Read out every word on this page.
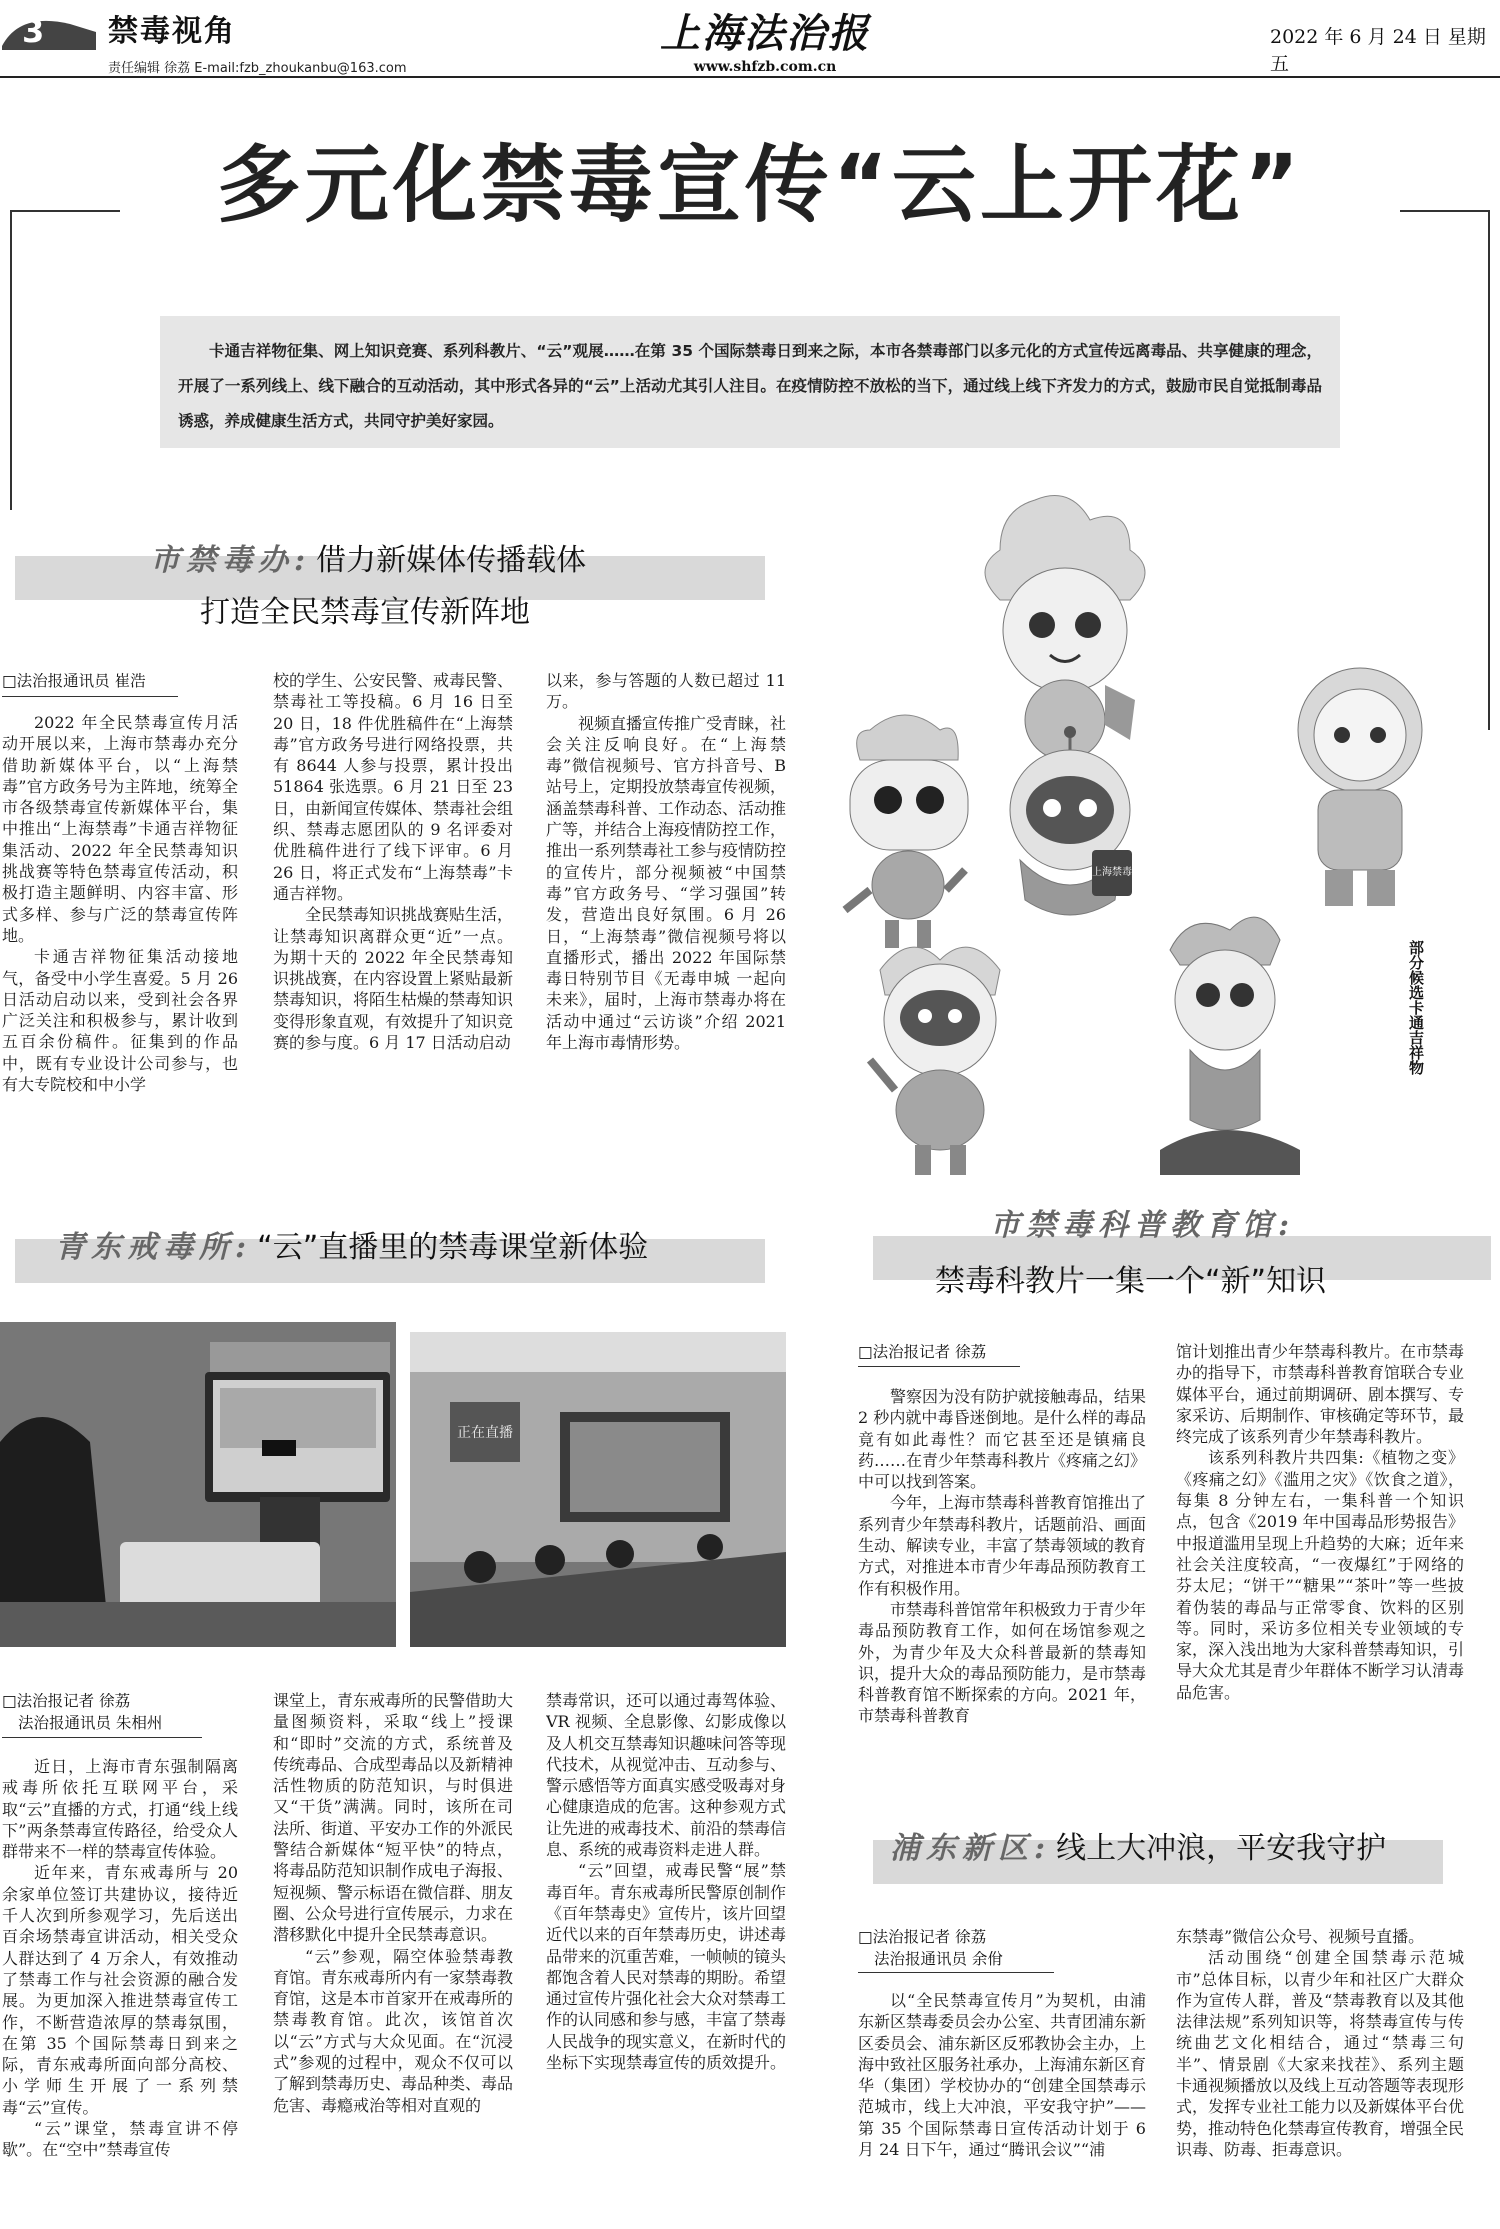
3 禁毒视角
责任编辑 徐荔 E-mail:fzb_zhoukanbu@163.com
上海法治报
www.shfzb.com.cn
2022 年 6 月 24 日 星期五
多元化禁毒宣传“云上开花”
卡通吉祥物征集、网上知识竞赛、系列科教片、“云”观展……在第 35 个国际禁毒日到来之际，本市各禁毒部门以多元化的方式宣传远离毒品、共享健康的理念，开展了一系列线上、线下融合的互动活动，其中形式各异的“云”上活动尤其引人注目。在疫情防控不放松的当下，通过线上线下齐发力的方式，鼓励市民自觉抵制毒品诱惑，养成健康生活方式，共同守护美好家园。
市禁毒办: 借力新媒体传播载体
打造全民禁毒宣传新阵地
□法治报通讯员 崔浩

2022 年全民禁毒宣传月活动开展以来，上海市禁毒办充分借助新媒体平台，以“上海禁毒”官方政务号为主阵地，统筹全市各级禁毒宣传新媒体平台，集中推出“上海禁毒”卡通吉祥物征集活动、2022 年全民禁毒知识挑战赛等特色禁毒宣传活动，积极打造主题鲜明、内容丰富、形式多样、参与广泛的禁毒宣传阵地。

卡通吉祥物征集活动接地气，备受中小学生喜爱。5 月 26 日活动启动以来，受到社会各界广泛关注和积极参与，累计收到五百余份稿件。征集到的作品中，既有专业设计公司参与，也有大专院校和中小学

校的学生、公安民警、戒毒民警、禁毒社工等投稿。6 月 16 日至 20 日，18 件优胜稿件在“上海禁毒”官方政务号进行网络投票，共有 8644 人参与投票，累计投出 51864 张选票。6 月 21 日至 23 日，由新闻宣传媒体、禁毒社会组织、禁毒志愿团队的 9 名评委对优胜稿件进行了线下评审。6 月 26 日，将正式发布“上海禁毒”卡通吉祥物。

全民禁毒知识挑战赛贴生活，让禁毒知识离群众更“近”一点。为期十天的 2022 年全民禁毒知识挑战赛，在内容设置上紧贴最新禁毒知识，将陌生枯燥的禁毒知识变得形象直观，有效提升了知识竞赛的参与度。6 月 17 日活动启动

以来，参与答题的人数已超过 11 万。

视频直播宣传推广受青睐，社会关注反响良好。在“上海禁毒”微信视频号、官方抖音号、B 站号上，定期投放禁毒宣传视频，涵盖禁毒科普、工作动态、活动推广等，并结合上海疫情防控工作，推出一系列禁毒社工参与疫情防控的宣传片，部分视频被“中国禁毒”官方政务号、“学习强国”转发，营造出良好氛围。6 月 26 日，“上海禁毒”微信视频号将以直播形式，播出 2022 年国际禁毒日特别节目《无毒申城 一起向未来》，届时，上海市禁毒办将在活动中通过“云访谈”介绍 2021 年上海市毒情形势。

上海禁毒
部分候选卡通吉祥物
青东戒毒所: “云”直播里的禁毒课堂新体验
正在直播
□法治报记者 徐荔
法治报通讯员 朱相州

近日，上海市青东强制隔离戒毒所依托互联网平台，采取“云”直播的方式，打通“线上线下”两条禁毒宣传路径，给受众人群带来不一样的禁毒宣传体验。

近年来，青东戒毒所与 20 余家单位签订共建协议，接待近千人次到所参观学习，先后送出百余场禁毒宣讲活动，相关受众人群达到了 4 万余人，有效推动了禁毒工作与社会资源的融合发展。为更加深入推进禁毒宣传工作，不断营造浓厚的禁毒氛围，在第 35 个国际禁毒日到来之际，青东戒毒所面向部分高校、小学师生开展了一系列禁毒“云”宣传。

“云”课堂，禁毒宣讲不停歇”。在“空中”禁毒宣传

课堂上，青东戒毒所的民警借助大量图频资料，采取“线上”授课和“即时”交流的方式，系统普及传统毒品、合成型毒品以及新精神活性物质的防范知识，与时俱进又“干货”满满。同时，该所在司法所、街道、平安办工作的外派民警结合新媒体“短平快”的特点，将毒品防范知识制作成电子海报、短视频、警示标语在微信群、朋友圈、公众号进行宣传展示，力求在潜移默化中提升全民禁毒意识。

“云”参观，隔空体验禁毒教育馆。青东戒毒所内有一家禁毒教育馆，这是本市首家开在戒毒所的禁毒教育馆。此次，该馆首次以“云”方式与大众见面。在“沉浸式”参观的过程中，观众不仅可以了解到禁毒历史、毒品种类、毒品危害、毒瘾戒治等相对直观的

禁毒常识，还可以通过毒驾体验、VR 视频、全息影像、幻影成像以及人机交互禁毒知识趣味问答等现代技术，从视觉冲击、互动参与、警示感悟等方面真实感受吸毒对身心健康造成的危害。这种参观方式让先进的戒毒技术、前沿的禁毒信息、系统的戒毒资料走进人群。

“云”回望，戒毒民警“展”禁毒百年。青东戒毒所民警原创制作《百年禁毒史》宣传片，该片回望近代以来的百年禁毒历史，讲述毒品带来的沉重苦难，一帧帧的镜头都饱含着人民对禁毒的期盼。希望通过宣传片强化社会大众对禁毒工作的认同感和参与感，丰富了禁毒人民战争的现实意义，在新时代的坐标下实现禁毒宣传的质效提升。

市禁毒科普教育馆:
禁毒科教片一集一个“新”知识
□法治报记者 徐荔

警察因为没有防护就接触毒品，结果 2 秒内就中毒昏迷倒地。是什么样的毒品竟有如此毒性？而它甚至还是镇痛良药……在青少年禁毒科教片《疼痛之幻》中可以找到答案。

今年，上海市禁毒科普教育馆推出了系列青少年禁毒科教片，话题前沿、画面生动、解读专业，丰富了禁毒领域的教育方式，对推进本市青少年毒品预防教育工作有积极作用。

市禁毒科普馆常年积极致力于青少年毒品预防教育工作，如何在场馆参观之外，为青少年及大众科普最新的禁毒知识，提升大众的毒品预防能力，是市禁毒科普教育馆不断探索的方向。2021 年，市禁毒科普教育

馆计划推出青少年禁毒科教片。在市禁毒办的指导下，市禁毒科普教育馆联合专业媒体平台，通过前期调研、剧本撰写、专家采访、后期制作、审核确定等环节，最终完成了该系列青少年禁毒科教片。

该系列科教片共四集:《植物之变》《疼痛之幻》《滥用之灾》《饮食之道》，每集 8 分钟左右，一集科普一个知识点，包含《2019 年中国毒品形势报告》中报道滥用呈现上升趋势的大麻；近年来社会关注度较高，“一夜爆红”于网络的芬太尼；“饼干”“糖果”“茶叶”等一些披着伪装的毒品与正常零食、饮料的区别等。同时，采访多位相关专业领域的专家，深入浅出地为大家科普禁毒知识，引导大众尤其是青少年群体不断学习认清毒品危害。

浦东新区: 线上大冲浪，平安我守护
□法治报记者 徐荔
法治报通讯员 余佾

以“全民禁毒宣传月”为契机，由浦东新区禁毒委员会办公室、共青团浦东新区委员会、浦东新区反邪教协会主办，上海中致社区服务社承办，上海浦东新区育华（集团）学校协办的“创建全国禁毒示范城市，线上大冲浪，平安我守护”——第 35 个国际禁毒日宣传活动计划于 6 月 24 日下午，通过“腾讯会议”“浦

东禁毒”微信公众号、视频号直播。

活动围绕“创建全国禁毒示范城市”总体目标，以青少年和社区广大群众作为宣传人群，普及“禁毒教育以及其他法律法规”系列知识等，将禁毒宣传与传统曲艺文化相结合，通过“禁毒三句半”、情景剧《大家来找茬》、系列主题卡通视频播放以及线上互动答题等表现形式，发挥专业社工能力以及新媒体平台优势，推动特色化禁毒宣传教育，增强全民识毒、防毒、拒毒意识。
